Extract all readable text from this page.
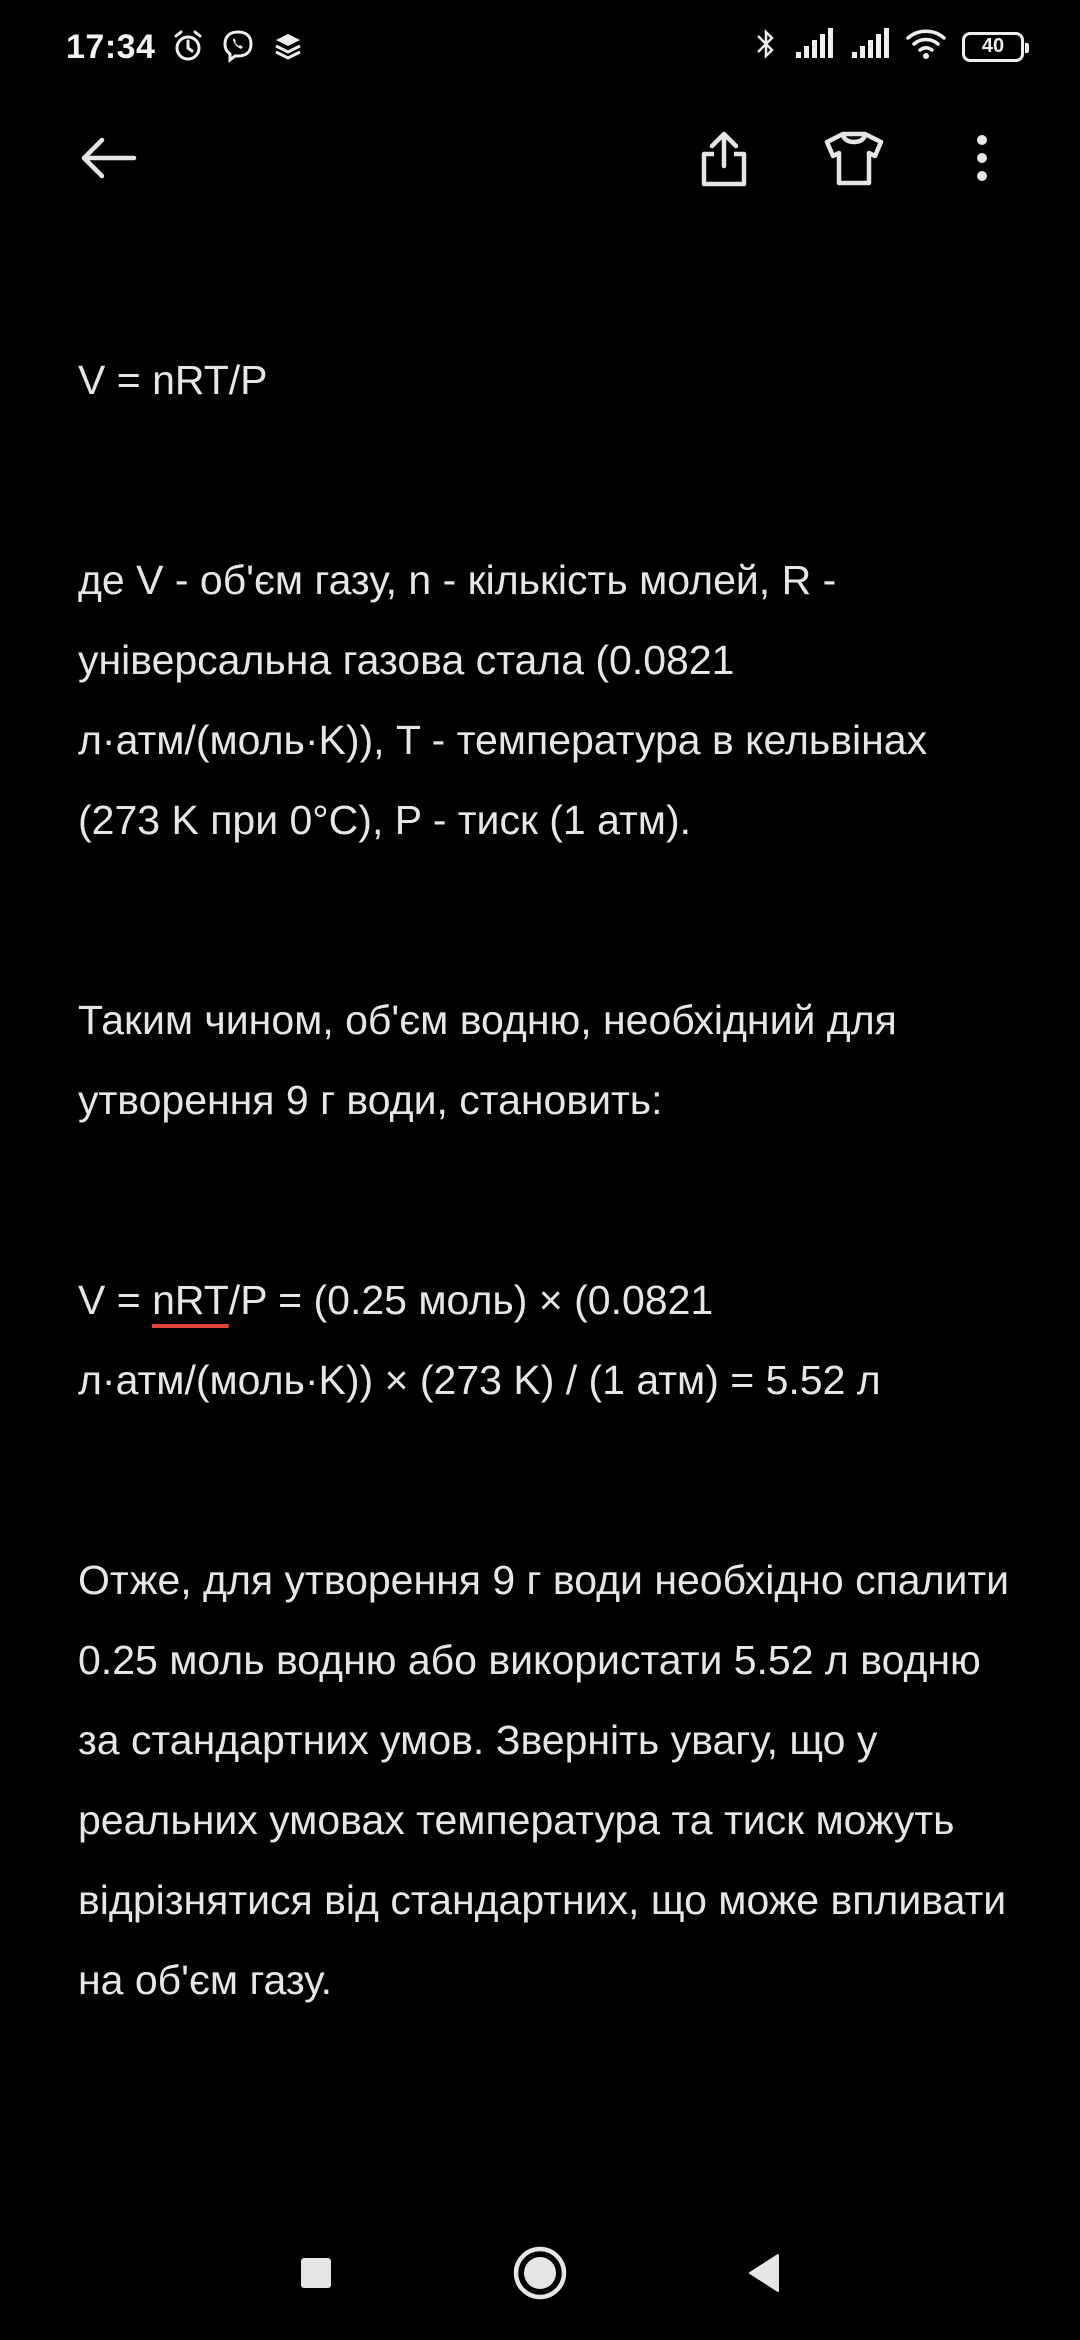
17:34	40

V = nRT/P

де V - об'єм газу, n - кількість молей, R - універсальна газова стала (0.0821 л·атм/(моль·K)), T - температура в кельвінах (273 K при 0°C), P - тиск (1 атм).

Таким чином, об'єм водню, необхідний для утворення 9 г води, становить:

V = nRT/P = (0.25 моль) × (0.0821 л·атм/(моль·K)) × (273 K) / (1 атм) = 5.52 л

Отже, для утворення 9 г води необхідно спалити 0.25 моль водню або використати 5.52 л водню за стандартних умов. Зверніть увагу, що у реальних умовах температура та тиск можуть відрізнятися від стандартних, що може впливати на об'єм газу.
